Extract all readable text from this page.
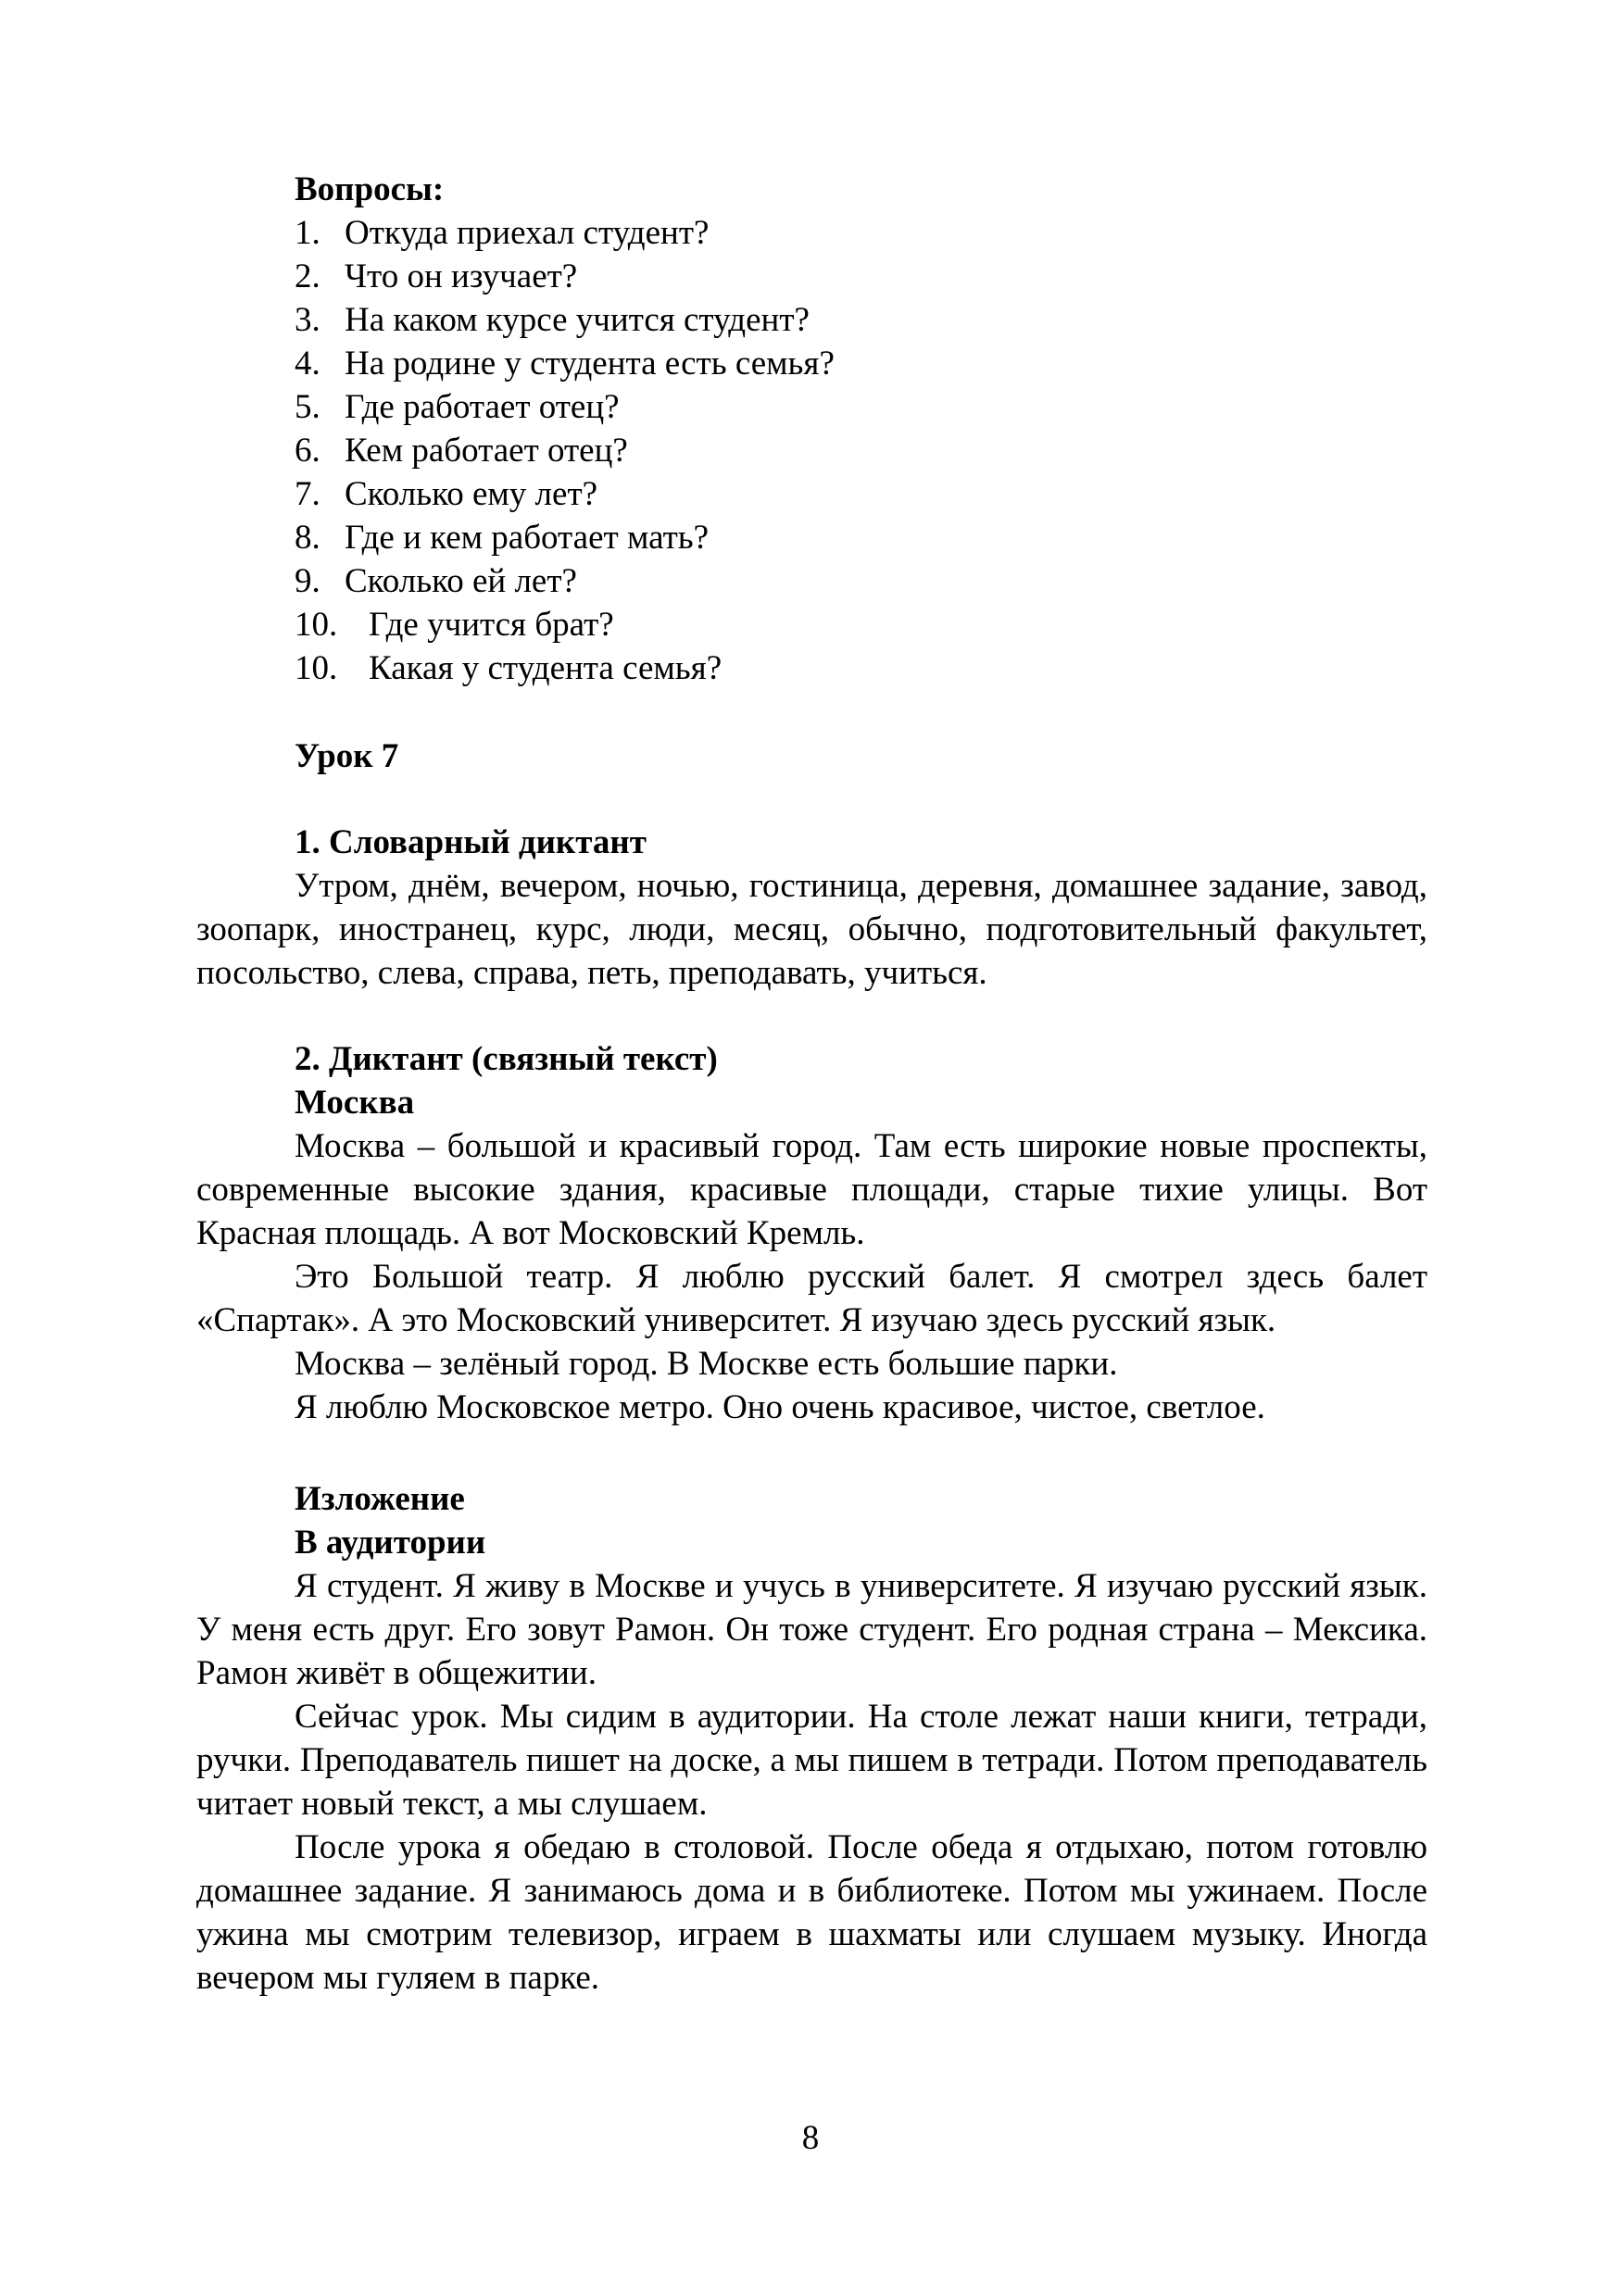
Вопросы:
1. Откуда приехал студент?
2. Что он изучает?
3. На каком курсе учится студент?
4. На родине у студента есть семья?
5. Где работает отец?
6. Кем работает отец?
7. Сколько ему лет?
8. Где и кем работает мать?
9. Сколько ей лет?
10. Где учится брат?
10. Какая у студента семья?
Урок 7
1. Словарный диктант

Утром, днём, вечером, ночью, гостиница, деревня, домашнее задание, завод, зоопарк, иностранец, курс, люди, месяц, обычно, подготовительный факультет, посольство, слева, справа, петь, преподавать, учиться.

2. Диктант (связный текст)
Москва

Москва – большой и красивый город. Там есть широкие новые проспекты, современные высокие здания, красивые площади, старые тихие улицы. Вот Красная площадь. А вот Московский Кремль.

Это Большой театр. Я люблю русский балет. Я смотрел здесь балет «Спартак». А это Московский университет. Я изучаю здесь русский язык.

Москва – зелёный город. В Москве есть большие парки.

Я люблю Московское метро. Оно очень красивое, чистое, светлое.

Изложение
В аудитории

Я студент. Я живу в Москве и учусь в университете. Я изучаю русский язык. У меня есть друг. Его зовут Рамон. Он тоже студент. Его родная страна – Мексика. Рамон живёт в общежитии.

Сейчас урок. Мы сидим в аудитории. На столе лежат наши книги, тетради, ручки. Преподаватель пишет на доске, а мы пишем в тетради. Потом преподаватель читает новый текст, а мы слушаем.

После урока я обедаю в столовой. После обеда я отдыхаю, потом готовлю домашнее задание. Я занимаюсь дома и в библиотеке. Потом мы ужинаем. После ужина мы смотрим телевизор, играем в шахматы или слушаем музыку. Иногда вечером мы гуляем в парке.

8
